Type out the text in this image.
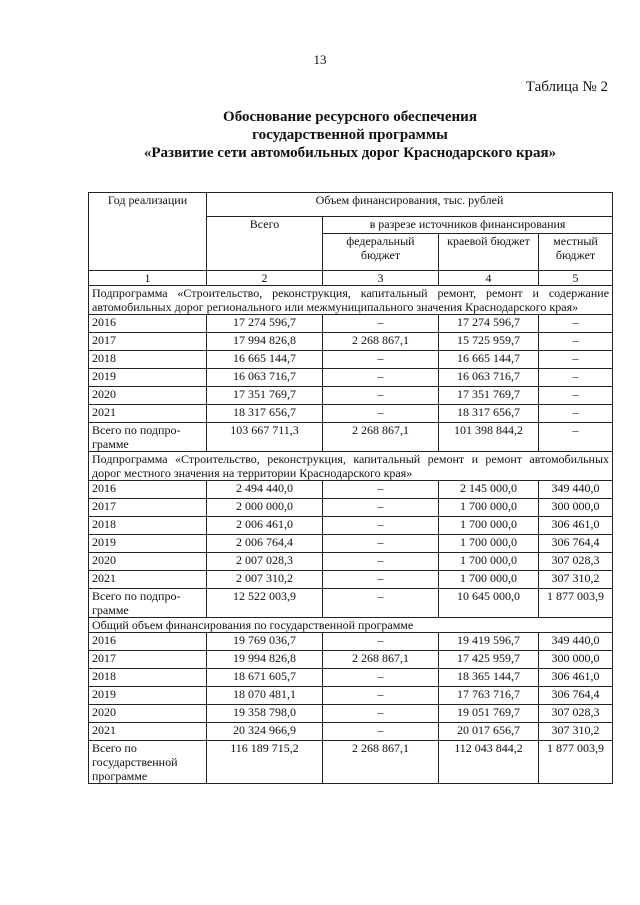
13
Таблица № 2
Обоснование ресурсного обеспечения
государственной программы
«Развитие сети автомобильных дорог Краснодарского края»
Год реализации	Объем финансирования, тыс. рублей			
	Всего	в разрезе источников финансирования		
		федеральный бюджет	краевой бюджет	местный бюджет
1	2	3	4	5
Подпрограмма «Строительство, реконструкция, капитальный ремонт, ремонт и содержание автомобильных дорог регионального или межмуниципального значения Краснодарского края»				
2016	17 274 596,7	–	17 274 596,7	–
2017	17 994 826,8	2 268 867,1	15 725 959,7	–
2018	16 665 144,7	–	16 665 144,7	–
2019	16 063 716,7	–	16 063 716,7	–
2020	17 351 769,7	–	17 351 769,7	–
2021	18 317 656,7	–	18 317 656,7	–
Всего по подпро-грамме	103 667 711,3	2 268 867,1	101 398 844,2	–
Подпрограмма «Строительство, реконструкция, капитальный ремонт и ремонт автомобильных дорог местного значения на территории Краснодарского края»				
2016	2 494 440,0	–	2 145 000,0	349 440,0
2017	2 000 000,0	–	1 700 000,0	300 000,0
2018	2 006 461,0	–	1 700 000,0	306 461,0
2019	2 006 764,4	–	1 700 000,0	306 764,4
2020	2 007 028,3	–	1 700 000,0	307 028,3
2021	2 007 310,2	–	1 700 000,0	307 310,2
Всего по подпро-грамме	12 522 003,9	–	10 645 000,0	1 877 003,9
Общий объем финансирования по государственной программе				
2016	19 769 036,7	–	19 419 596,7	349 440,0
2017	19 994 826,8	2 268 867,1	17 425 959,7	300 000,0
2018	18 671 605,7	–	18 365 144,7	306 461,0
2019	18 070 481,1	–	17 763 716,7	306 764,4
2020	19 358 798,0	–	19 051 769,7	307 028,3
2021	20 324 966,9	–	20 017 656,7	307 310,2
Всего по государственной программе	116 189 715,2	2 268 867,1	112 043 844,2	1 877 003,9
